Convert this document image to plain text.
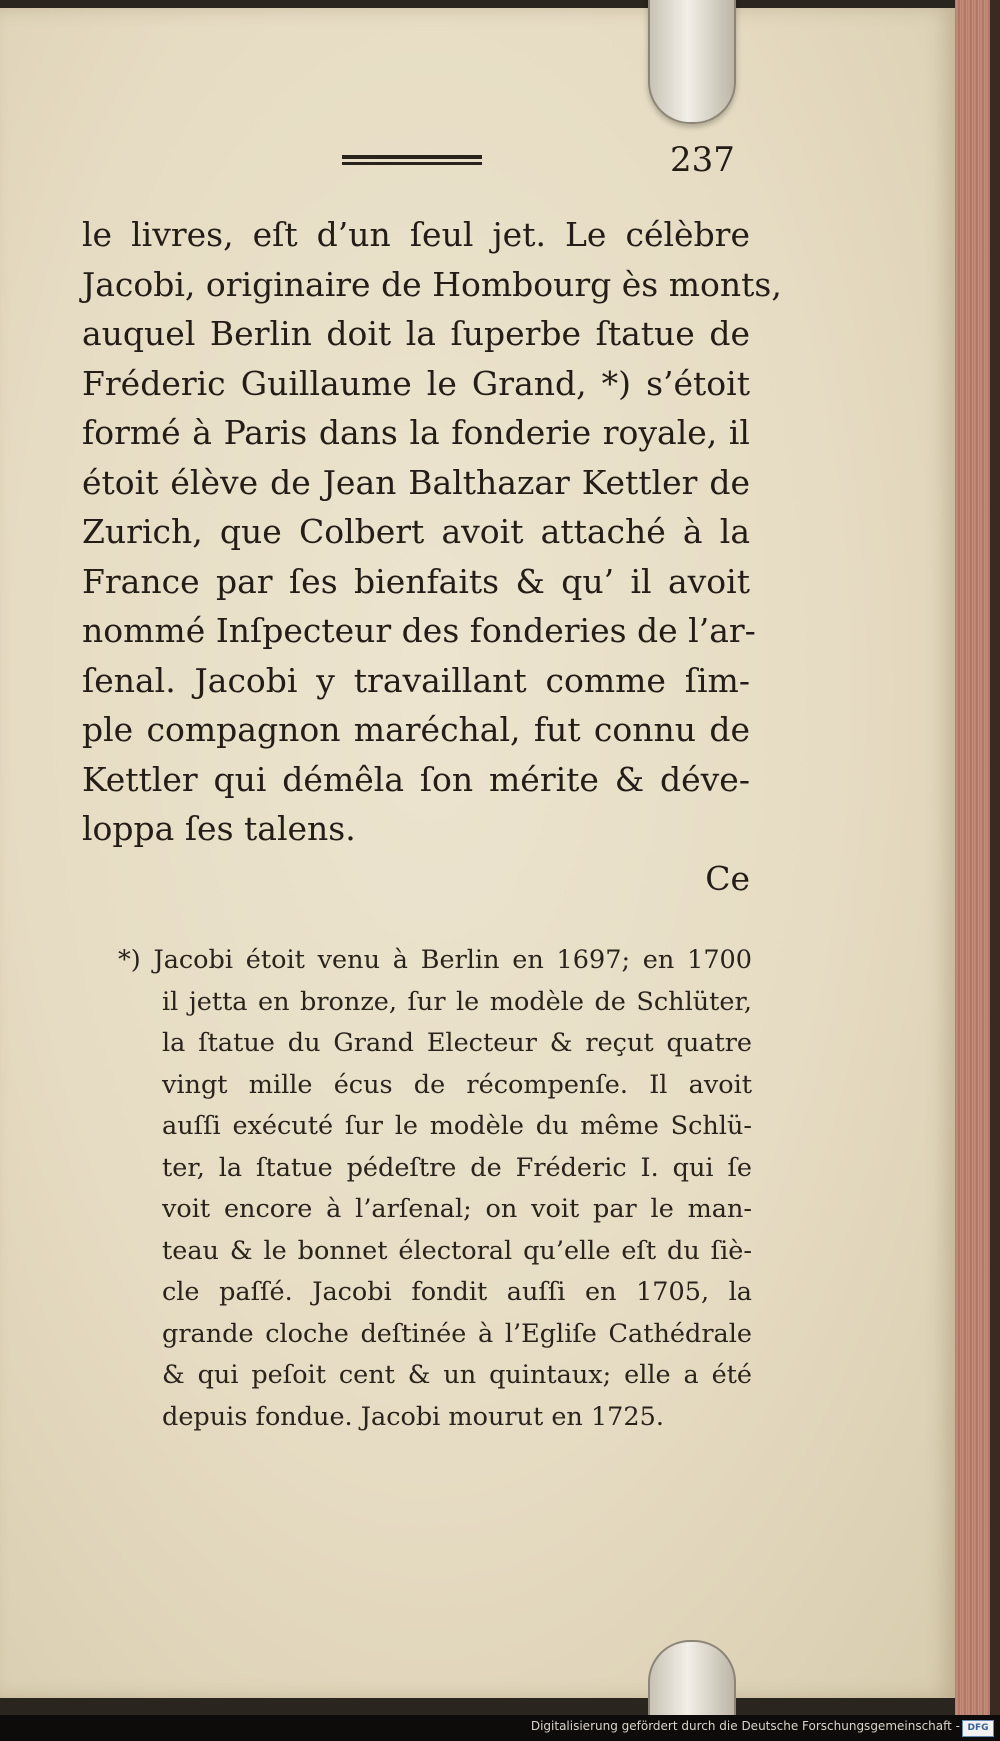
237
le livres, eſt d’un ſeul jet. Le célèbre
Jacobi, originaire de Hombourg ès monts,
auquel Berlin doit la ſuperbe ſtatue de
Fréderic Guillaume le Grand, *) s’étoit
formé à Paris dans la fonderie royale, il
étoit élève de Jean Balthazar Kettler de
Zurich, que Colbert avoit attaché à la
France par ſes bienfaits & qu’ il avoit
nommé Inſpecteur des fonderies de l’ar-
ſenal. Jacobi y travaillant comme ſim-
ple compagnon maréchal, fut connu de
Kettler qui démêla ſon mérite & déve-
loppa ſes talens.
Ce
*) Jacobi étoit venu à Berlin en 1697; en 1700
il jetta en bronze, ſur le modèle de Schlüter,
la ſtatue du Grand Electeur & reçut quatre
vingt mille écus de récompenſe. Il avoit
auſſi exécuté ſur le modèle du même Schlü-
ter, la ſtatue pédeſtre de Fréderic I. qui ſe
voit encore à l’arſenal; on voit par le man-
teau & le bonnet électoral qu’elle eſt du ſiè-
cle paſſé. Jacobi fondit auſſi en 1705, la
grande cloche deſtinée à l’Egliſe Cathédrale
& qui peſoit cent & un quintaux; elle a été
depuis fondue. Jacobi mourut en 1725.
Digitalisierung gefördert durch die Deutsche Forschungsgemeinschaft - DFG
